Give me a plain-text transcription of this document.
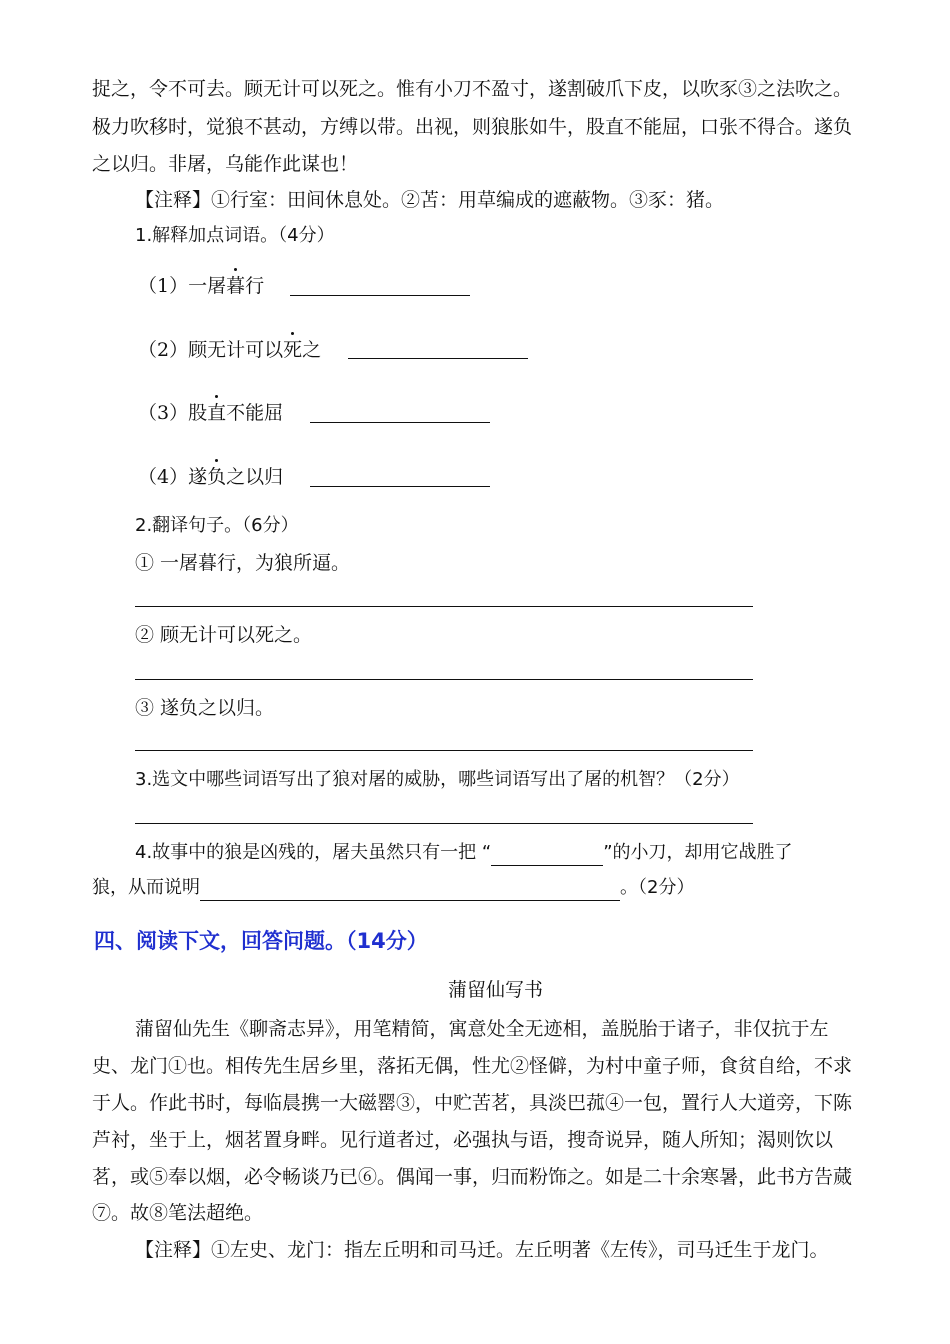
捉之，令不可去。顾无计可以死之。惟有小刀不盈寸，遂割破爪下皮，以吹豕③之法吹之。
极力吹移时，觉狼不甚动，方缚以带。出视，则狼胀如牛，股直不能屈，口张不得合。遂负
之以归。非屠，乌能作此谋也！
【注释】①行室：田间休息处。②苫：用草编成的遮蔽物。③豕：猪。
1.解释加点词语。（4分）
（1）一屠暮行
（2）顾无计可以死之
（3）股直不能屈
（4）遂负之以归
2.翻译句子。（6分）
① 一屠暮行，为狼所逼。
② 顾无计可以死之。
③ 遂负之以归。
3.选文中哪些词语写出了狼对屠的威胁，哪些词语写出了屠的机智？（2分）
4.故事中的狼是凶残的，屠夫虽然只有一把 “	”的小刀，却用它战胜了
狼，从而说明	。（2分）
四、阅读下文，回答问题。（14分）
蒲留仙写书
蒲留仙先生《聊斋志异》，用笔精简，寓意处全无迹相，盖脱胎于诸子，非仅抗于左
史、龙门①也。相传先生居乡里，落拓无偶，性尤②怪僻，为村中童子师，食贫自给，不求
于人。作此书时，每临晨携一大磁罂③，中贮苦茗，具淡巴菰④一包，置行人大道旁，下陈
芦衬，坐于上，烟茗置身畔。见行道者过，必强执与语，搜奇说异，随人所知；渴则饮以
茗，或⑤奉以烟，必令畅谈乃已⑥。偶闻一事，归而粉饰之。如是二十余寒暑，此书方告蒇
⑦。故⑧笔法超绝。
【注释】①左史、龙门：指左丘明和司马迁。左丘明著《左传》，司马迁生于龙门。
